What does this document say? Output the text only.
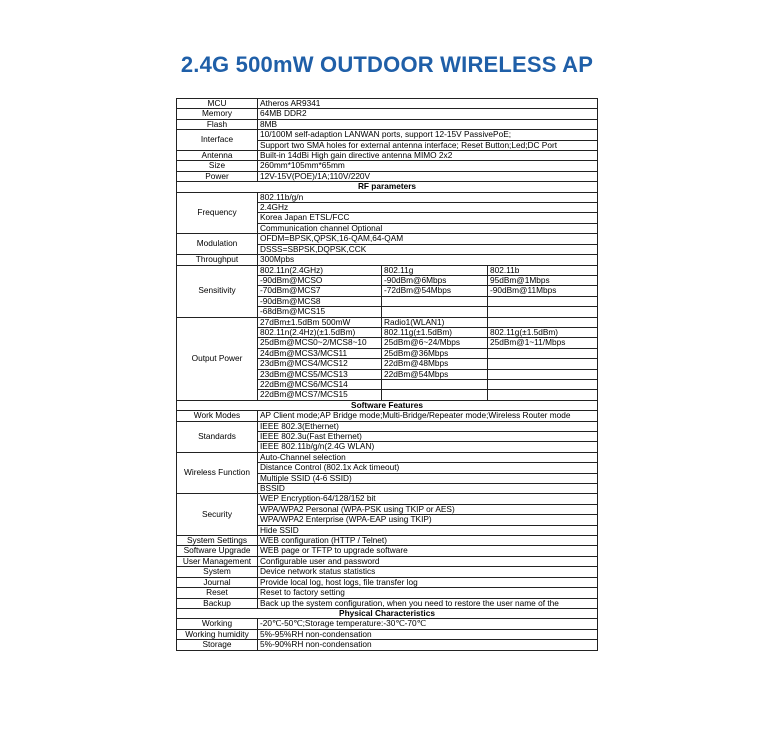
2.4G 500mW OUTDOOR WIRELESS AP
MCU	Atheros AR9341		
Memory	64MB DDR2		
Flash	8MB		
Interface	10/100M self-adaption LANWAN ports, support 12-15V PassivePoE;		
	Support two SMA holes for external antenna interface; Reset Button;Led;DC Port		
Antenna	Built-in 14dBi High gain directive antenna MIMO 2x2		
Size	260mm*105mm*65mm		
Power	12V-15V(POE)/1A;110V/220V		
RF parameters			
Frequency	802.11b/g/n		
	2.4GHz		
	Korea Japan ETSL/FCC		
	Communication channel Optional		
Modulation	OFDM=BPSK,QPSK,16-QAM,64-QAM		
	DSSS=SBPSK,DQPSK,CCK		
Throughput	300Mpbs		
Sensitivity	802.11n(2.4GHz)	802.11g	802.11b
	-90dBm@MCSO	-90dBm@6Mbps	95dBm@1Mbps
	-70dBm@MCS7	-72dBm@54Mbps	-90dBm@11Mbps
	-90dBm@MCS8		
	-68dBm@MCS15		
Output Power	27dBm±1.5dBm 500mW	Radio1(WLAN1)	
	802.11n(2.4Hz)(±1.5dBm)	802.11g(±1.5dBm)	802.11g(±1.5dBm)
	25dBm@MCS0~2/MCS8~10	25dBm@6~24/Mbps	25dBm@1~11/Mbps
	24dBm@MCS3/MCS11	25dBm@36Mbps	
	23dBm@MCS4/MCS12	22dBm@48Mbps	
	23dBm@MCS5/MCS13	22dBm@54Mbps	
	22dBm@MCS6/MCS14		
	22dBm@MCS7/MCS15		
Software Features			
Work Modes	AP Client mode;AP Bridge mode;Multi-Bridge/Repeater mode;Wireless Router mode		
Standards	IEEE 802.3(Ethernet)		
	IEEE 802.3u(Fast Ethernet)		
	IEEE 802.11b/g/n(2.4G WLAN)		
Wireless Function	Auto-Channel selection		
	Distance Control (802.1x Ack timeout)		
	Multiple SSID (4-6 SSID)		
	BSSID		
Security	WEP Encryption-64/128/152 bit		
	WPA/WPA2 Personal (WPA-PSK using TKIP or AES)		
	WPA/WPA2 Enterprise (WPA-EAP using TKIP)		
	Hide SSID		
System Settings	WEB configuration (HTTP / Telnet)		
Software Upgrade	WEB page or TFTP to upgrade software		
User Management	Configurable user and password		
System	Device network status statistics		
Journal	Provide local log, host logs, file transfer log		
Reset	Reset to factory setting		
Backup	Back up the system configuration, when you need to restore the user name of the		
Physical Characteristics			
Working	-20℃-50℃;Storage temperature:-30℃-70℃		
Working humidity	5%-95%RH non-condensation		
Storage	5%-90%RH non-condensation		
